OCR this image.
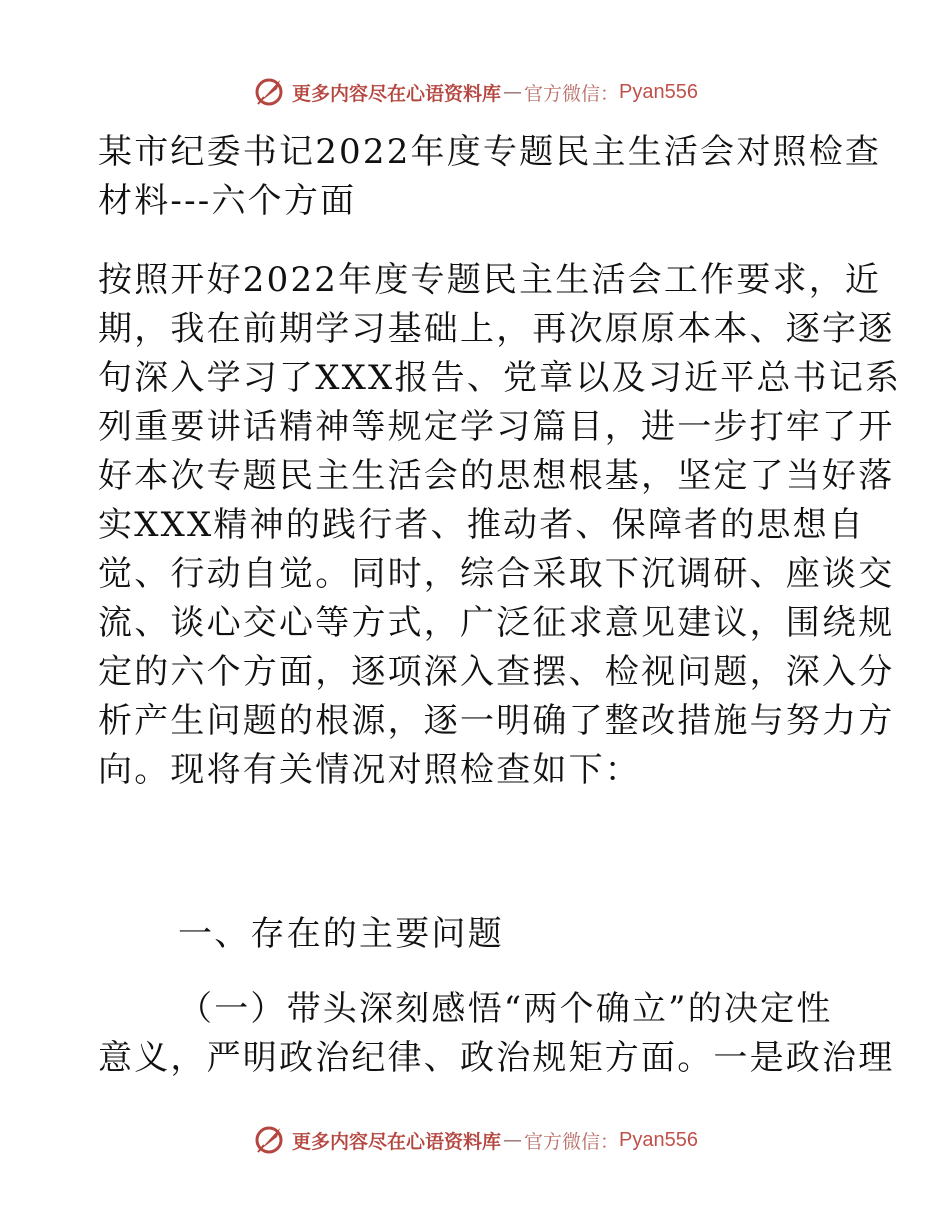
更多内容尽在心语资料库 — 官方微信： Pyan556
某市纪委书记2022年度专题民主生活会对照检查
材料---六个方面
按照开好2022年度专题民主生活会工作要求，近
期，我在前期学习基础上，再次原原本本、逐字逐
句深入学习了XXX报告、党章以及习近平总书记系
列重要讲话精神等规定学习篇目，进一步打牢了开
好本次专题民主生活会的思想根基，坚定了当好落
实XXX精神的践行者、推动者、保障者的思想自
觉、行动自觉。同时，综合采取下沉调研、座谈交
流、谈心交心等方式，广泛征求意见建议，围绕规
定的六个方面，逐项深入查摆、检视问题，深入分
析产生问题的根源，逐一明确了整改措施与努力方
向。现将有关情况对照检查如下：
一、存在的主要问题
（一）带头深刻感悟“两个确立”的决定性
意义，严明政治纪律、政治规矩方面。一是政治理
更多内容尽在心语资料库 — 官方微信： Pyan556
